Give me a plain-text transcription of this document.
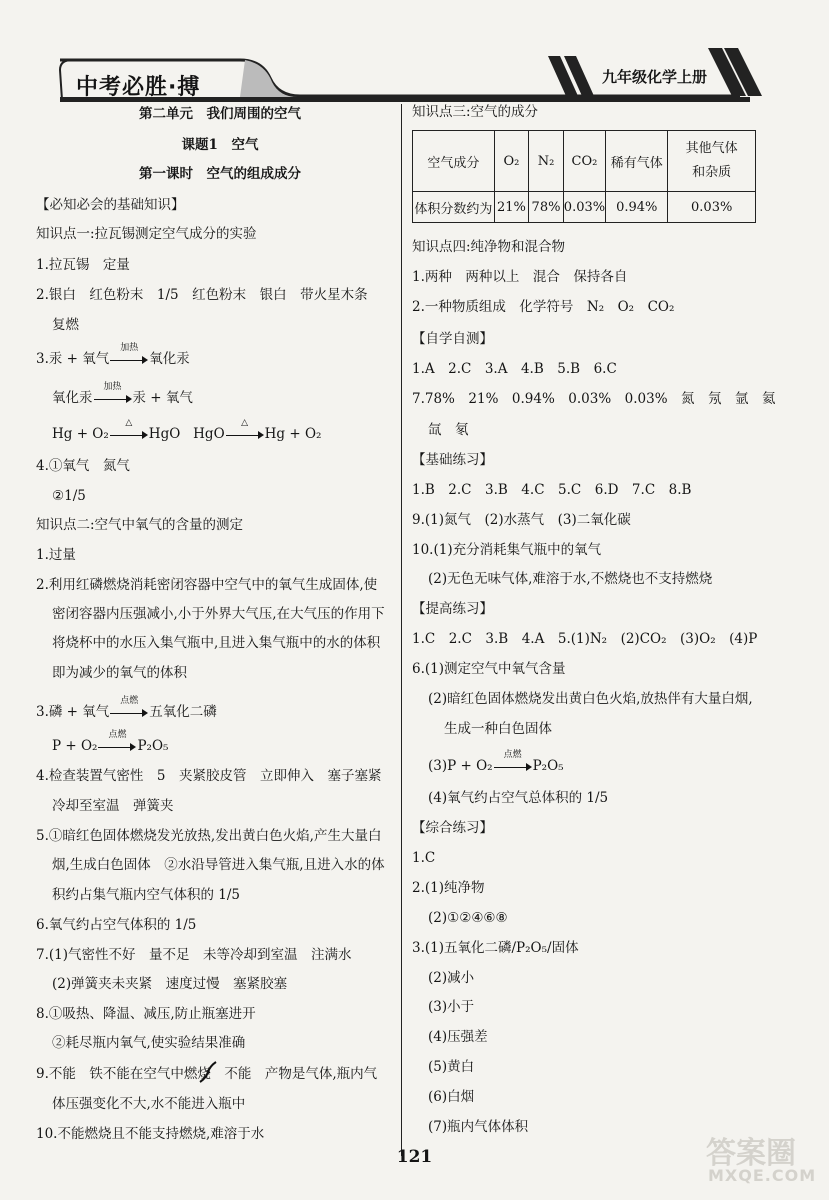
中考必胜·搏	九年级化学上册
第二单元　我们周围的空气
课题1　空气
第一课时　空气的组成成分
【必知必会的基础知识】
知识点一:拉瓦锡测定空气成分的实验
1.拉瓦锡　定量
2.银白　红色粉末　1/5　红色粉末　银白　带火星木条
复燃
3.汞 + 氧气
加热
氧化汞
氧化汞
加热
汞 + 氧气
Hg + O₂
△
HgO HgO
△
Hg + O₂
4.①氧气　氮气
②1/5
知识点二:空气中氧气的含量的测定
1.过量
2.利用红磷燃烧消耗密闭容器中空气中的氧气生成固体,使
密闭容器内压强减小,小于外界大气压,在大气压的作用下
将烧杯中的水压入集气瓶中,且进入集气瓶中的水的体积
即为减少的氧气的体积
3.磷 + 氧气
点燃
五氧化二磷
P + O₂
点燃
P₂O₅
4.检查装置气密性　5　夹紧胶皮管　立即伸入　塞子塞紧
冷却至室温　弹簧夹
5.①暗红色固体燃烧发光放热,发出黄白色火焰,产生大量白
烟,生成白色固体　②水沿导管进入集气瓶,且进入水的体
积约占集气瓶内空气体积的 1/5
6.氧气约占空气体积的 1/5
7.(1)气密性不好　量不足　未等冷却到室温　注满水
(2)弹簧夹未夹紧　速度过慢　塞紧胶塞
8.①吸热、降温、减压,防止瓶塞进开
②耗尽瓶内氧气,使实验结果准确
9.不能　铁不能在空气中燃烧　不能　产物是气体,瓶内气
体压强变化不大,水不能进入瓶中
10.不能燃烧且不能支持燃烧,难溶于水
知识点三:空气的成分
空气成分	O₂	N₂	CO₂	稀有气体	其他气体和杂质
体积分数约为	21%	78%	0.03%	0.94%	0.03%
知识点四:纯净物和混合物
1.两种　两种以上　混合　保持各自
2.一种物质组成　化学符号　N₂　O₂　CO₂
【自学自测】
1.A　2.C　3.A　4.B　5.B　6.C
7.78%　21%　0.94%　0.03%　0.03%　氮　氖　氩　氦
氙　氡
【基础练习】
1.B　2.C　3.B　4.C　5.C　6.D　7.C　8.B
9.(1)氮气　(2)水蒸气　(3)二氧化碳
10.(1)充分消耗集气瓶中的氧气
(2)无色无味气体,难溶于水,不燃烧也不支持燃烧
【提高练习】
1.C　2.C　3.B　4.A　5.(1)N₂　(2)CO₂　(3)O₂　(4)P
6.(1)测定空气中氧气含量
(2)暗红色固体燃烧发出黄白色火焰,放热伴有大量白烟,
生成一种白色固体
(3)P + O₂
点燃
P₂O₅
(4)氧气约占空气总体积的 1/5
【综合练习】
1.C
2.(1)纯净物
(2)①②④⑥⑧
3.(1)五氧化二磷/P₂O₅/固体
(2)减小
(3)小于
(4)压强差
(5)黄白
(6)白烟
(7)瓶内气体体积
121	答案圈
MXQE.COM
